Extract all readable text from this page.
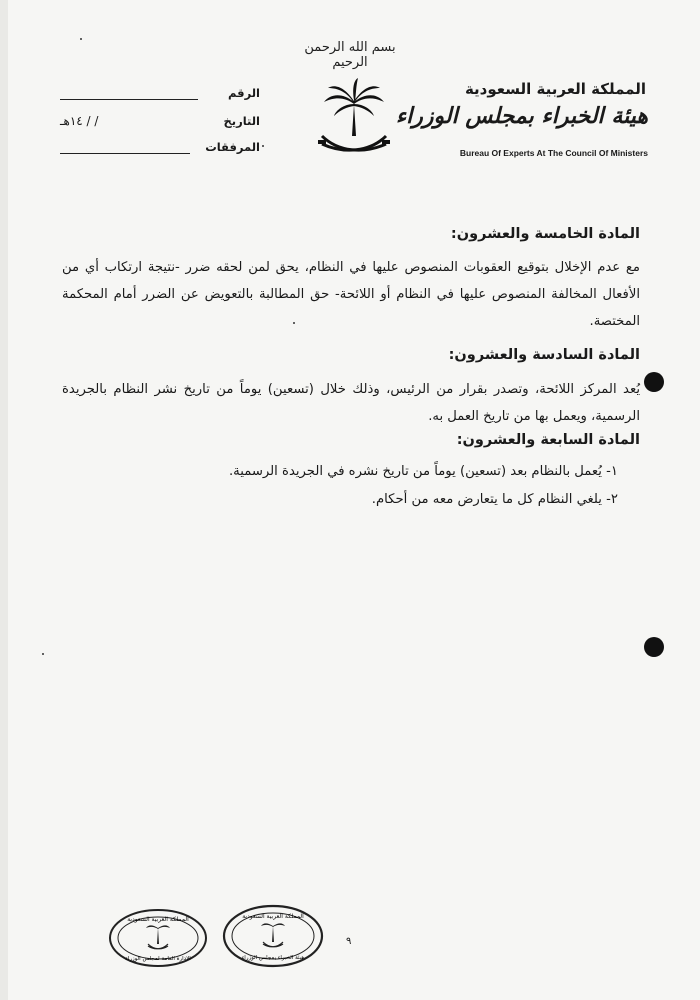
بسم الله الرحمن الرحيم
المملكة العربية السعودية
هيئة الخبراء بمجلس الوزراء
Bureau Of Experts At The Council Of Ministers
الرقم
التاريخ
/ / ١٤هـ
المرفقات
المادة الخامسة والعشرون:
مع عدم الإخلال بتوقيع العقوبات المنصوص عليها في النظام، يحق لمن لحقه ضرر -نتيجة ارتكاب أي من الأفعال المخالفة المنصوص عليها في النظام أو اللائحة- حق المطالبة بالتعويض عن الضرر أمام المحكمة المختصة.
المادة السادسة والعشرون:
يُعد المركز اللائحة، وتصدر بقرار من الرئيس، وذلك خلال (تسعين) يوماً من تاريخ نشر النظام بالجريدة الرسمية، ويعمل بها من تاريخ العمل به.
المادة السابعة والعشرون:
١- يُعمل بالنظام بعد (تسعين) يوماً من تاريخ نشره في الجريدة الرسمية.
٢- يلغي النظام كل ما يتعارض معه من أحكام.
٩
المملكة العربية السعودية
الإدارة العامة لمجلس الوزراء
المملكة العربية السعودية
هيئة الخبراء بمجلس الوزراء
